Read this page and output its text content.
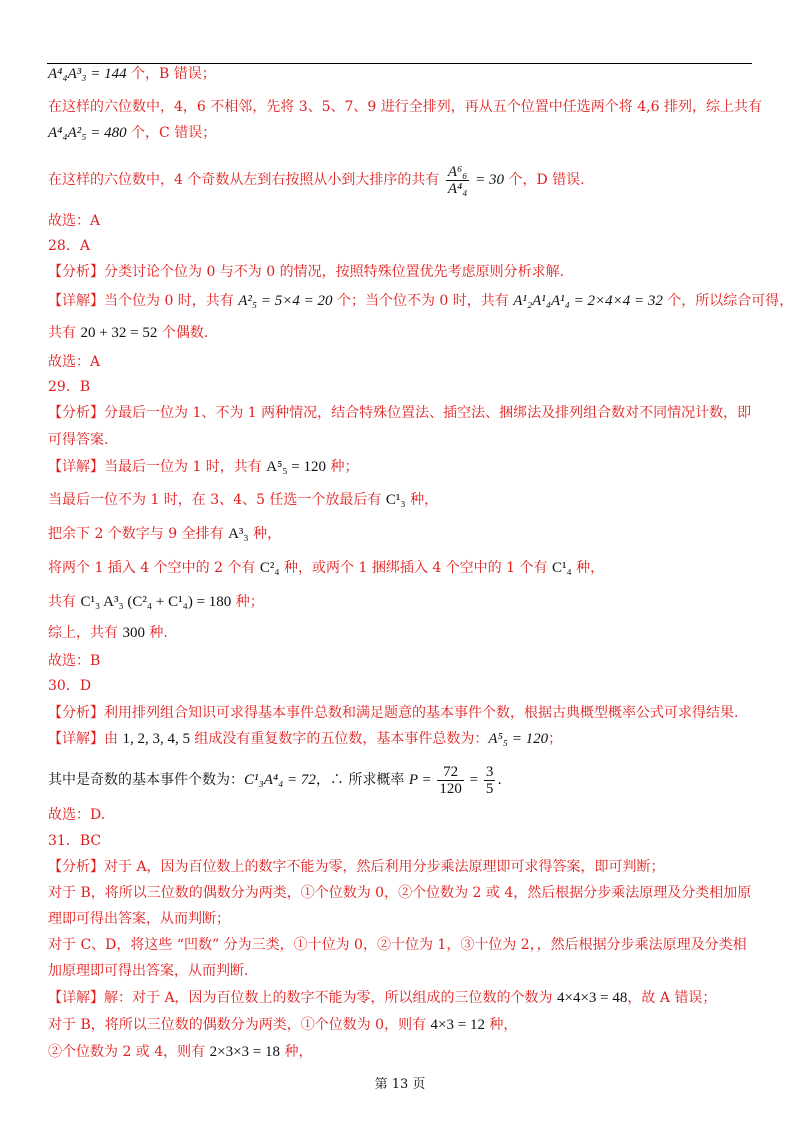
A⁴₄A³₃ = 144 个，B 错误；
在这样的六位数中，4，6 不相邻，先将 3、5、7、9 进行全排列，再从五个位置中任选两个将 4,6 排列，综上共有
A⁴₄A²₅ = 480 个，C 错误；
在这样的六位数中，4 个奇数从左到右按照从小到大排序的共有 $\frac{\text{A⁶₆}}{\text{A⁴₄}} = 30$ 个，D 错误.
故选：A
28．A
【分析】分类讨论个位为 0 与不为 0 的情况，按照特殊位置优先考虑原则分析求解.
【详解】当个位为 0 时，共有 A²₅ = 5×4 = 20 个；当个位不为 0 时，共有 A¹₂A¹₄A¹₄ = 2×4×4 = 32 个，所以综合可得，
共有 20 + 32 = 52 个偶数.
故选：A
29．B
【分析】分最后一位为 1、不为 1 两种情况，结合特殊位置法、插空法、捆绑法及排列组合数对不同情况计数，即
可得答案.
【详解】当最后一位为 1 时，共有 A⁵₅ = 120 种；
当最后一位不为 1 时，在 3、4、5 任选一个放最后有 C¹₃ 种，
把余下 2 个数字与 9 全排有 A³₃ 种，
将两个 1 插入 4 个空中的 2 个有 C²₄ 种，或两个 1 捆绑插入 4 个空中的 1 个有 C¹₄ 种，
共有 C¹₃ A³₃ (C²₄ + C¹₄) = 180 种；
综上，共有 300 种.
故选：B
30．D
【分析】利用排列组合知识可求得基本事件总数和满足题意的基本事件个数，根据古典概型概率公式可求得结果.
【详解】由 1, 2, 3, 4, 5 组成没有重复数字的五位数，基本事件总数为：A⁵₅ = 120；
其中是奇数的基本事件个数为：C¹₃A⁴₄ = 72，∴ 所求概率 $P = \frac{72}{120} = \frac{3}{5}$ .
故选：D.
31．BC
【分析】对于 A，因为百位数上的数字不能为零，然后利用分步乘法原理即可求得答案，即可判断；
对于 B，将所以三位数的偶数分为两类，①个位数为 0，②个位数为 2 或 4，然后根据分步乘法原理及分类相加原
理即可得出答案，从而判断；
对于 C、D，将这些 “凹数” 分为三类，①十位为 0，②十位为 1，③十位为 2，，然后根据分步乘法原理及分类相
加原理即可得出答案，从而判断.
【详解】解：对于 A，因为百位数上的数字不能为零，所以组成的三位数的个数为 4×4×3 = 48，故 A 错误；
对于 B，将所以三位数的偶数分为两类，①个位数为 0，则有 4×3 = 12 种，
②个位数为 2 或 4，则有 2×3×3 = 18 种，
第 13 页
